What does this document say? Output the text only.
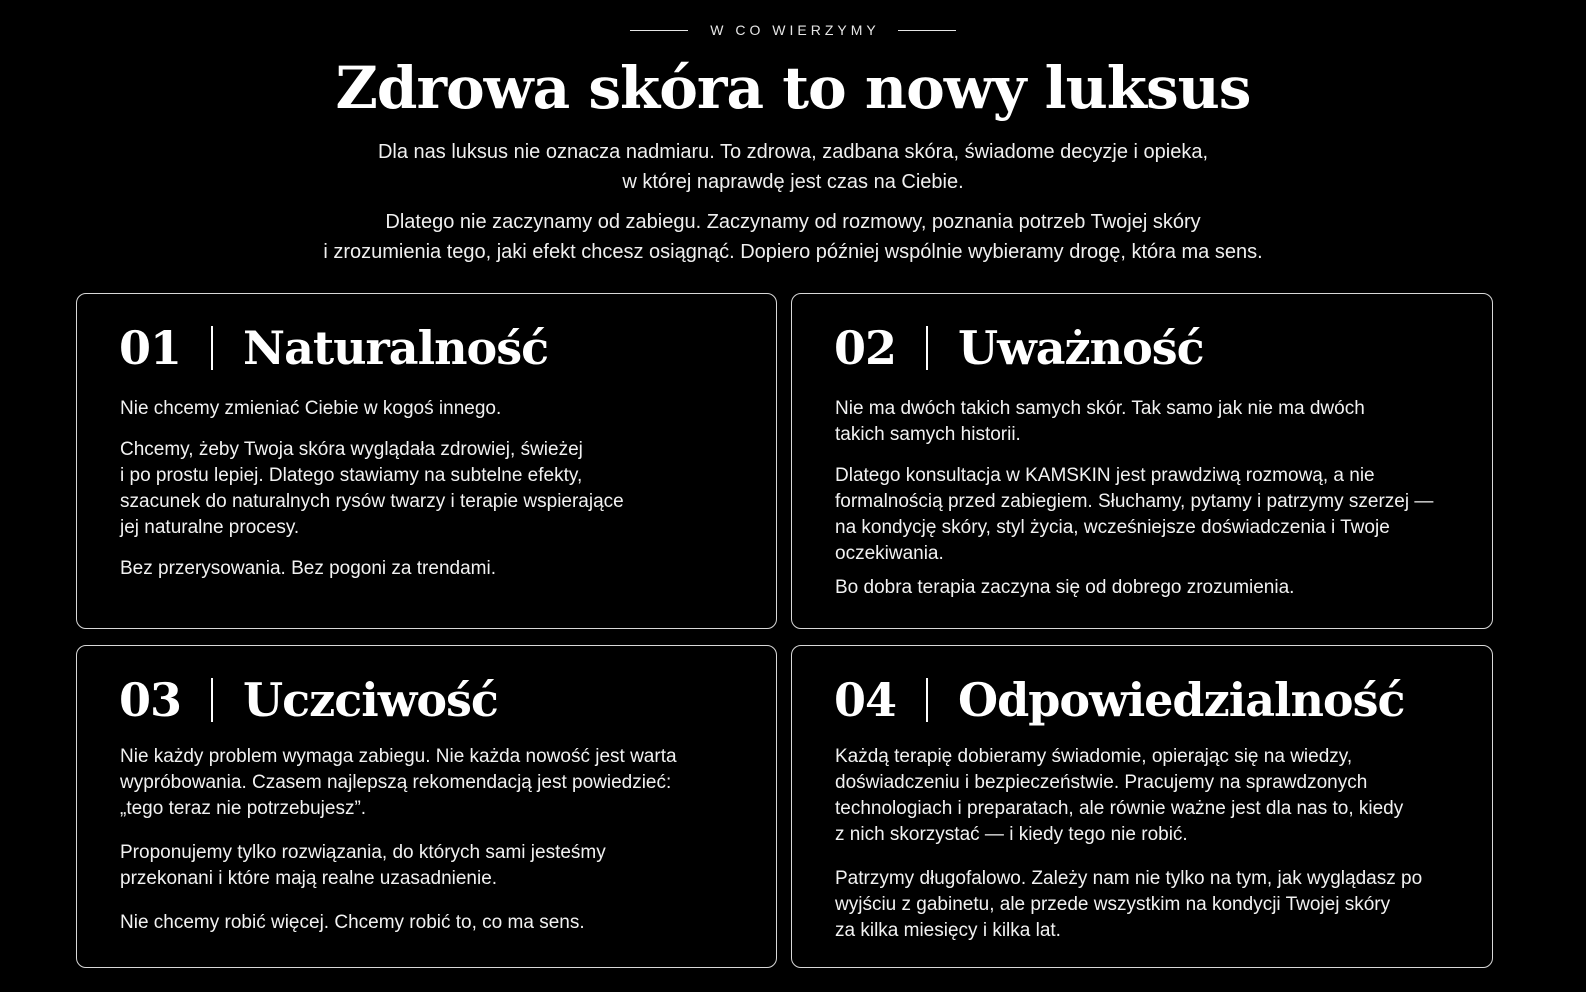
W CO WIERZYMY
Zdrowa skóra to nowy luksus

Dla nas luksus nie oznacza nadmiaru. To zdrowa, zadbana skóra, świadome decyzje i opieka,
w której naprawdę jest czas na Ciebie.

Dlatego nie zaczynamy od zabiegu. Zaczynamy od rozmowy, poznania potrzeb Twojej skóry
i zrozumienia tego, jaki efekt chcesz osiągnąć. Dopiero później wspólnie wybieramy drogę, która ma sens.

01 Naturalność

Nie chcemy zmieniać Ciebie w kogoś innego.

Chcemy, żeby Twoja skóra wyglądała zdrowiej, świeżej
i po prostu lepiej. Dlatego stawiamy na subtelne efekty,
szacunek do naturalnych rysów twarzy i terapie wspierające
jej naturalne procesy.

Bez przerysowania. Bez pogoni za trendami.

02 Uważność

Nie ma dwóch takich samych skór. Tak samo jak nie ma dwóch
takich samych historii.

Dlatego konsultacja w KAMSKIN jest prawdziwą rozmową, a nie
formalnością przed zabiegiem. Słuchamy, pytamy i patrzymy szerzej —
na kondycję skóry, styl życia, wcześniejsze doświadczenia i Twoje
oczekiwania.

Bo dobra terapia zaczyna się od dobrego zrozumienia.

03 Uczciwość

Nie każdy problem wymaga zabiegu. Nie każda nowość jest warta
wypróbowania. Czasem najlepszą rekomendacją jest powiedzieć:
„tego teraz nie potrzebujesz”.

Proponujemy tylko rozwiązania, do których sami jesteśmy
przekonani i które mają realne uzasadnienie.

Nie chcemy robić więcej. Chcemy robić to, co ma sens.

04 Odpowiedzialność

Każdą terapię dobieramy świadomie, opierając się na wiedzy,
doświadczeniu i bezpieczeństwie. Pracujemy na sprawdzonych
technologiach i preparatach, ale równie ważne jest dla nas to, kiedy
z nich skorzystać — i kiedy tego nie robić.

Patrzymy długofalowo. Zależy nam nie tylko na tym, jak wyglądasz po
wyjściu z gabinetu, ale przede wszystkim na kondycji Twojej skóry
za kilka miesięcy i kilka lat.
